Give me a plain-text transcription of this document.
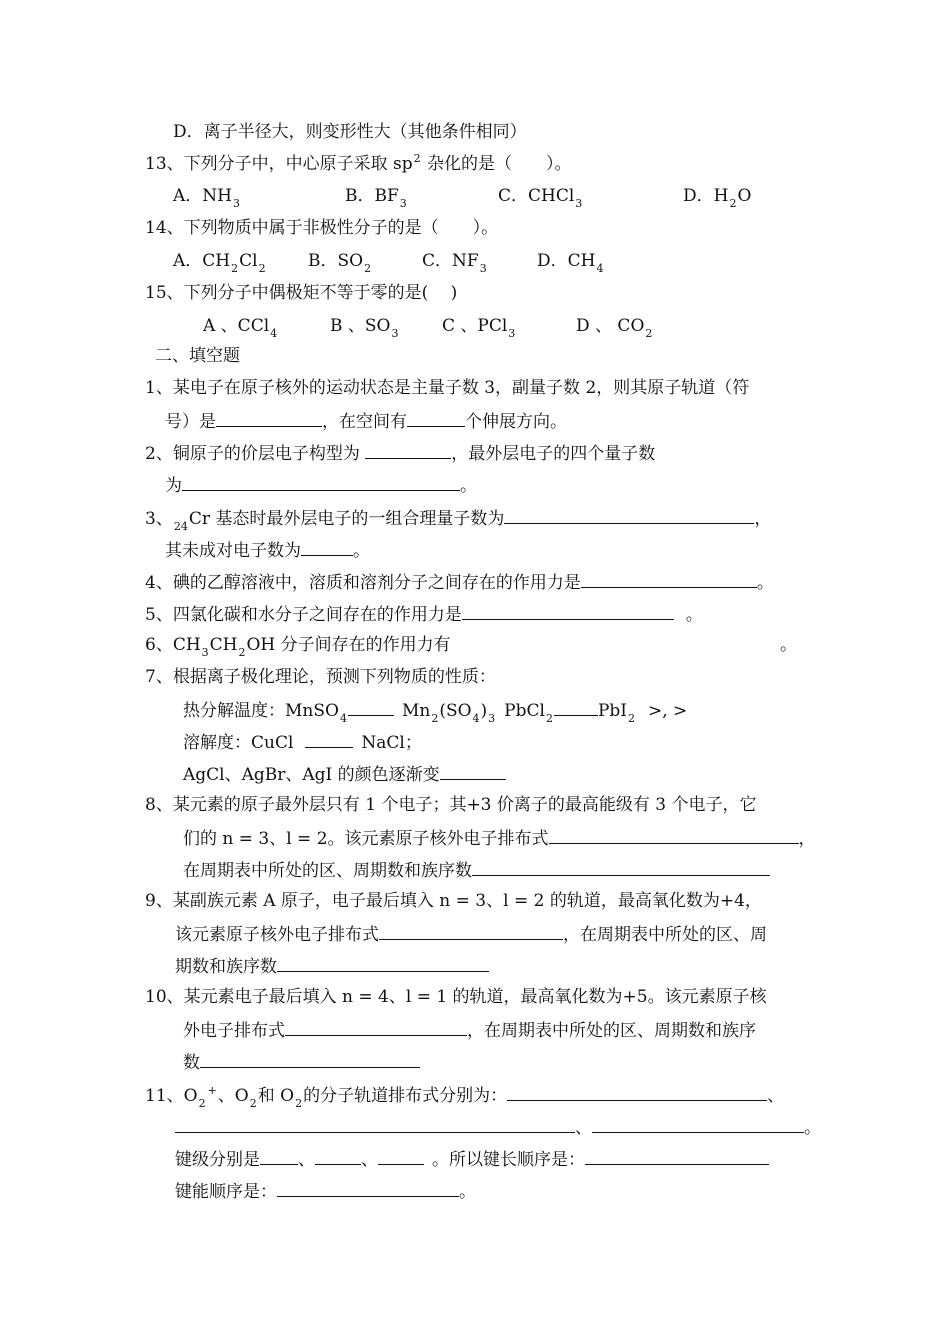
D．离子半径大，则变形性大（其他条件相同）
13、下列分子中，中心原子采取 $sp^2$ 杂化的是（　　）。
A．$NH_3$	B．$BF_3$	C．CHCl$_3$	D．$H_2O$
14、下列物质中属于非极性分子的是（　　）。
A．$CH_2Cl_2$ B．$SO_2$	C．$NF_3$	D．$CH_4$
15、下列分子中偶极矩不等于零的是(　 )
A 、CCl$_4$	B 、$SO_3$	C 、PCl$_3$	D 、 $CO_2$
二、填空题
1、某电子在原子核外的运动状态是主量子数 3，副量子数 2，则其原子轨道（符
号）是	，在空间有	个伸展方向。
2、铜原子的价层电子构型为	，最外层电子的四个量子数
为	。
3、$_{24}$Cr 基态时最外层电子的一组合理量子数为	，
其未成对电子数为	。
4、碘的乙醇溶液中，溶质和溶剂分子之间存在的作用力是	。
5、四氯化碳和水分子之间存在的作用力是	。
6、$CH_3CH_2OH$ 分子间存在的作用力有	。
7、根据离子极化理论，预测下列物质的性质：
热分解温度：MnSO$_4$	$Mn_2(SO_4)_3$ PbCl$_2$	PbI$_2$ >, >
溶解度：CuCl	NaCl；
AgCl、AgBr、AgI 的颜色逐渐变
8、某元素的原子最外层只有 1 个电子；其+3 价离子的最高能级有 3 个电子，它
们的 n = 3、l = 2。该元素原子核外电子排布式	，
在周期表中所处的区、周期数和族序数
9、某副族元素 A 原子，电子最后填入 n = 3、l = 2 的轨道，最高氧化数为+4，
该元素原子核外电子排布式	，在周期表中所处的区、周
期数和族序数
10、某元素电子最后填入 n = 4、l = 1 的轨道，最高氧化数为+5。该元素原子核
外电子排布式	，在周期表中所处的区、周期数和族序
数
11、$O_2^+$、$O_2$和 $O_2$的分子轨道排布式分别为：	、
、	。
键级分别是 、	、	。所以键长顺序是：
键能顺序是：	。
